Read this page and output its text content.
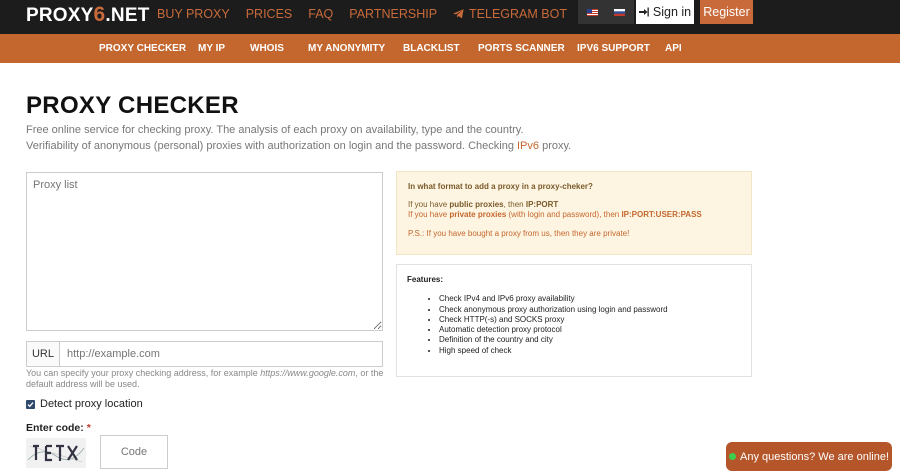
PROXY6.NET BUY PROXY PRICES FAQ PARTNERSHIP	TELEGRAM BOT	Sign in Register
PROXY CHECKER MY IP WHOIS MY ANONYMITY BLACKLIST PORTS SCANNER IPV6 SUPPORT API
PROXY CHECKER
Free online service for checking proxy. The analysis of each proxy on availability, type and the country.
Verifiability of anonymous (personal) proxies with authorization on login and the password. Checking IPv6 proxy.
Proxy list
URL
http://example.com
You can specify your proxy checking address, for example https://www.google.com, or the default address will be used.
Detect proxy location
Enter code: *
Code
In what format to add a proxy in a proxy-cheker?
If you have public proxies, then IP:PORT
If you have private proxies (with login and password), then IP:PORT:USER:PASS
P.S.: If you have bought a proxy from us, then they are private!
Features:
• Check IPv4 and IPv6 proxy availability
• Check anonymous proxy authorization using login and password
• Check HTTP(-s) and SOCKS proxy
• Automatic detection proxy protocol
• Definition of the country and city
• High speed of check
Any questions? We are online!
